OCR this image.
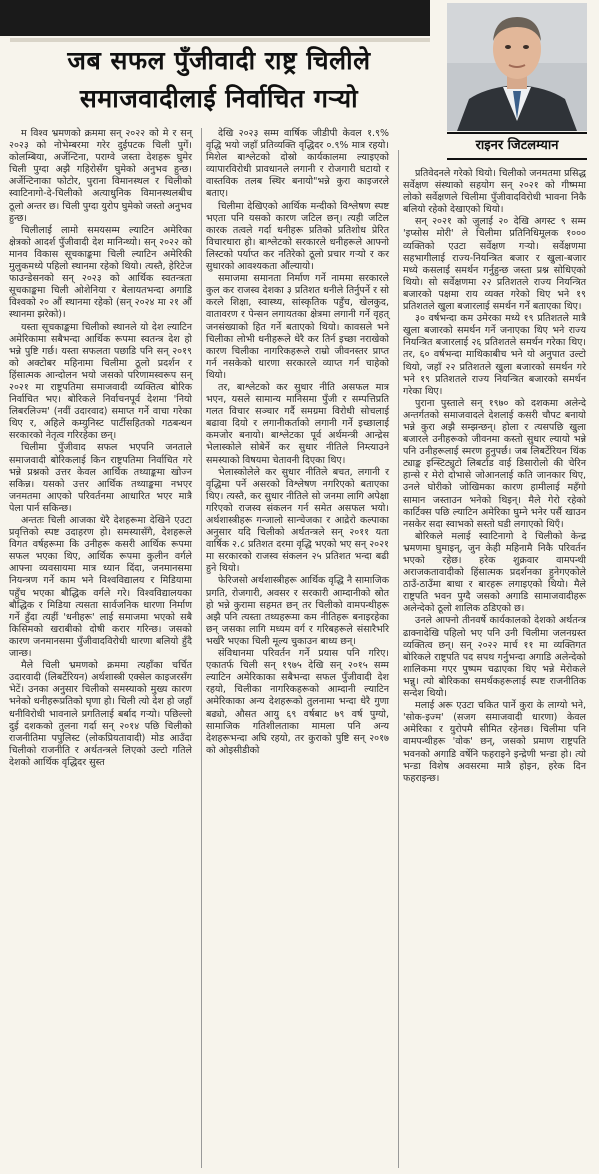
जब सफल पुँजीवादी राष्ट्र चिलीले
समाजवादीलाई निर्वाचित गऱ्यो
राइनर जिटलम्यान

म विश्व भ्रमणको क्रममा सन् २०२२ को मे र सन् २०२३ को नोभेम्बरमा गरेर दुईपटक चिली पुगें। कोलम्बिया, अर्जेन्टिना, पराग्वे जस्ता देशहरू घुमेर चिली पुग्दा अझै गहिरोसँग घुमेको अनुभव हुन्छ। अर्जेन्टिनाका फोटोर, पुराना विमानस्थल र चिलीको स्वाटिनागो-दे-चिलीको अत्याधुनिक विमानस्थलबीच ठूलो अन्तर छ। चिली पुग्दा युरोप घुमेको जस्तो अनुभव हुन्छ।

चिलीलाई लामो समयसम्म ल्याटिन अमेरिका क्षेत्रको आदर्श पुँजीवादी देश मानिन्थ्यो। सन् २०२२ को मानव विकास सूचकाङ्कमा चिली ल्याटिन अमेरिकी मुलुकमध्ये पहिलो स्थानमा रहेको थियो। त्यस्तै, हेरिटेज फाउन्डेसनको सन् २०२३ को आर्थिक स्वतन्त्रता सूचकाङ्कमा चिली ओशेनिया र बेलायतभन्दा अगाडि विश्वको २० औं स्थानमा रहेको (सन् २०२४ मा २१ औं स्थानमा झरेको)।

यस्ता सूचकाङ्कमा चिलीको स्थानले यो देश ल्याटिन अमेरिकामा सबैभन्दा आर्थिक रूपमा स्वतन्त्र देश हो भन्ने पुष्टि गर्छ। यस्ता सफलता पछाडि पनि सन् २०१९ को अक्टोबर महिनामा चिलीमा ठूलो प्रदर्शन र हिंसात्मक आन्दोलन भयो जसको परिणामस्वरूप सन् २०२१ मा राष्ट्रपतिमा समाजवादी व्यक्तित्व बोरिक निर्वाचित भए। बोरिकले निर्वाचनपूर्व देशमा 'नियो लिबरलिज्म' (नवीं उदारवाद) समाप्त गर्ने वाचा गरेका थिए र, अहिले कम्युनिस्ट पार्टीसहितको गठबन्धन सरकारको नेतृत्व गरिरहेका छन्।

चिलीमा पुँजीवाद सफल भएपनि जनताले समाजवादी बोरिकलाई किन राष्ट्रपतिमा निर्वाचित गरे भन्ने प्रश्नको उत्तर केवल आर्थिक तथ्याङ्कमा खोज्न सकिन्न। यसको उत्तर आर्थिक तथ्याङ्कमा नभएर जनमतमा आएको परिवर्तनमा आधारित भएर मात्रै पेला पार्न सकिन्छ।

अन्ततः चिली आजका धेरै देशहरूमा देखिने एउटा प्रवृत्तिको स्पष्ट उदाहरण हो। समस्यासँगै, देशहरूले विगत वर्षहरूमा कि उनीहरू कसरी आर्थिक रूपमा सफल भएका थिए, आर्थिक रूपमा कुलीन वर्गले आफ्ना व्यवसायमा मात्र ध्यान दिंदा, जनमानसमा नियन्त्रण गर्ने काम भने विश्वविद्यालय र मिडियामा पहुँच भएका बौद्धिक वर्गले गरे। विश्वविद्यालयका बौद्धिक र मिडिया त्यसता सार्वजनिक धारणा निर्माण गर्ने हुँदा त्यहीं 'धनीहरू' लाई समाजमा भएको सबै किसिमको खराबीको दोषी करार गरिन्छ। जसको कारण जनमानसमा पुँजीवादविरोधी धारणा बलियो हुँदै जान्छ।

मैले चिली भ्रमणको क्रममा त्यहाँका चर्चित उदारवादी (लिबर्टेरियन) अर्थशास्त्री एक्सेल काइजरसँग भेटें। उनका अनुसार चिलीको समस्याको मुख्य कारण भनेको धनीहरूप्रतिको घृणा हो। चिली त्यो देश हो जहाँ धनीविरोधी भावनाले प्रगतिलाई बर्बाद गऱ्यो। पछिल्लो दुई दशकको तुलना गर्दा सन् २०१४ पछि चिलीको राजनीतिमा पपुलिस्ट (लोकप्रियतावादी) मोड आउँदा चिलीको राजनीति र अर्थतन्त्रले लिएको उल्टो गतिले देशको आर्थिक वृद्धिदर सुस्त

देखि २०२३ सम्म वार्षिक जीडीपी केवल १.९% वृद्धि भयो जहाँ प्रतिव्यक्ति वृद्धिदर ०.९% मात्र रहयो। मिशेल बाश्लेटको दोस्रो कार्यकालमा ल्याइएको व्यापारविरोधी प्रावधानले लगानी र रोजगारी घटायो र वास्तविक तलब स्थिर बनायो"भन्ने कुरा काइजरले बताए।

चिलीमा देखिएको आर्थिक मन्दीको विश्लेषण स्पष्ट भएता पनि यसको कारण जटिल छन्। त्यही जटिल कारक तत्वले गर्दा धनीहरू प्रतिको प्रतिशोध प्रेरित विचारधारा हो। बाश्लेटको सरकारले धनीहरूले आफ्नो लिस्टको पर्याप्त कर नतिरेको ठूलो प्रचार गऱ्यो र कर सुधारको आवश्यकता औंल्यायो।

समाजमा समानता निर्माण गर्ने नाममा सरकारले कुल कर राजस्व देशका ३ प्रतिशत धनीले तिर्नुपर्ने र सो करले शिक्षा, स्वास्थ्य, सांस्कृतिक पहुँच, खेलकुद, वातावरण र पेन्सन लगायतका क्षेत्रमा लगानी गर्ने वृहत् जनसंख्याको हित गर्ने बताएको थियो। कावसले भने चिलीका लोभी धनीहरूले धेरै कर तिर्न इच्छा नराखेको कारण चिलीका नागरिकहरूले राम्रो जीवनस्तर प्राप्त गर्न नसकेको धारणा सरकारले व्याप्त गर्न चाहेको थियो।

तर, बाश्लेटको कर सुधार नीति असफल मात्र भएन, यसले सामान्य मानिसमा पुँजी र सम्पत्तिप्रति गलत विचार सञ्चार गर्दै समग्रमा विरोधी सोचलाई बढावा दियो र लगानीकर्ताको लगानी गर्ने इच्छालाई कमजोर बनायो। बाश्लेटका पूर्व अर्थमन्त्री आन्द्रेस भेलास्कोले सोबेर्ने कर सुधार नीतिले निम्त्याउने समस्याको विषयमा चेतावनी दिएका थिए।

भेलास्कोलेले कर सुधार नीतिले बचत, लगानी र वृद्धिमा पर्ने असरको विश्लेषण नगरिएको बताएका थिए। त्यस्तै, कर सुधार नीतिले सो जनमा लागि अपेक्षा गरिएको राजस्व संकलन गर्न समेत असफल भयो। अर्थशास्त्रीहरू गन्जालो सान्चेजका र आद्रेरो कल्पाका अनुसार यदि चिलीको अर्थतन्त्रले सन् २०११ यता वार्षिक २.८ प्रतिशत दरमा वृद्धि भएको भए सन् २०२१ मा सरकारको राजस्व संकलन २५ प्रतिशत भन्दा बढी हुने थियो।

फेरिजसो अर्थशास्त्रीहरू आर्थिक वृद्धि नै सामाजिक प्रगति, रोजगारी, अवसर र सरकारी आम्दानीको स्रोत हो भन्ने कुरामा सहमत छन् तर चिलीको वामपन्थीहरू अझै पनि त्यस्ता तथ्यहरूमा कम नीतिहरू बनाइरहेका छन् जसका लागि मध्यम वर्ग र गरिबहरूले संसारैभरि भर्खरै भएका चिली मूल्य चुकाउन बाध्य छन्।

संविधानमा परिवर्तन गर्ने प्रयास पनि गरिए। एकातर्फ चिली सन् १९७५ देखि सन् २०१५ सम्म ल्याटिन अमेरिकाका सबैभन्दा सफल पुँजीवादी देश रहयो, चिलीका नागरिकहरूको आम्दानी ल्याटिन अमेरिकाका अन्य देशहरूको तुलनामा भन्दा धेरै गुणा बढ्यो, औसत आयु ६९ वर्षबाट ७९ वर्ष पुग्यो, सामाजिक गतिशीलताका मामला पनि अन्य देशहरूभन्दा अघि रहयो, तर कुराको पुष्टि सन् २०१७ को ओइसीडीको

प्रतिवेदनले गरेको थियो। चिलीको जनमतमा प्रसिद्ध सर्वेक्षण संस्थाको सहयोग सन् २०२१ को गीष्ममा लोको सर्वेक्षणले चिलीमा पुँजीवादविरोधी भावना निकै बलियो रहेको देखाएको थियो।

सन् २०२१ को जुलाई २० देखि अगस्ट ९ सम्म 'इप्सोस मोरी' ले चिलीमा प्रतिनिधिमूलक १००० व्यक्तिको एउटा सर्वेक्षण गऱ्यो। सर्वेक्षणमा सहभागीलाई राज्य-नियन्त्रित बजार र खुला-बजार मध्ये कसलाई समर्थन गर्नुहुन्छ जस्ता प्रश्न सोधिएको थियो। सो सर्वेक्षणमा २२ प्रतिशतले राज्य नियन्त्रित बजारको पक्षमा राय व्यक्त गरेको थिए भने १९ प्रतिशतले खुला बजारलाई समर्थन गर्ने बताएका थिए।

३० वर्षभन्दा कम उमेरका मध्ये १९ प्रतिशतले मात्रै खुला बजारको समर्थन गर्ने जनाएका थिए भने राज्य नियन्त्रित बजारलाई २६ प्रतिशतले समर्थन गरेका थिए। तर, ६० वर्षभन्दा माथिकाबीच भने यो अनुपात उल्टो थियो, जहाँ २२ प्रतिशतले खुला बजारको समर्थन गरे भने १९ प्रतिशतले राज्य नियन्त्रित बजारको समर्थन गरेका थिए।

पुराना पुस्ताले सन् १९७० को दशकमा अलेन्दे अन्तर्गतको समाजवादले देशलाई कसरी चौपट बनायो भन्ने कुरा अझै सम्झन्छन्। होला र त्यसपछि खुला बजारले उनीहरूको जीवनमा कस्तो सुधार ल्यायो भन्ने पनि उनीहरूलाई स्मरण हुनुपर्छ। जब लिबर्टेरियन थिंक ट्याङ्क इन्स्टिट्युटो लिबर्टाड वाई डिसारोलो की चेरिन हान्से र मेरो दोभासे जोआनलाई कति जानकार थिए, उनले घोरीको जोखिमका कारण हामीलाई महँगो सामान जस्ताउन भनेको थिइन्। मैले गेरो रहेको कार्टिक्स पछि ल्याटिन अमेरिका घुम्ने भनेर पर्सै खाउन नसकेर सदा स्वाभको सस्तो घडी लगाएको थिएँ।

बोरिकले मलाई स्वाटिनागो दे चिलीको केन्द्र भ्रमणमा घुमाइन्, जुन केही महिनामै निकै परिवर्तन भएको रहेछ। हरेक शुक्रवार वामपन्थी अराजकतावादीको हिंसात्मक प्रदर्शनका हुनेगएकोले ठाउँ-ठाउँमा बाधा र बारहरू लगाइएको थियो। मैले राष्ट्रपति भवन पुग्दै जसको अगाडि सामाजवादीहरू अलेन्देको ठूलो शालिक ठडिएको छ।

उनले आफ्नो तीनवर्षे कार्यकालको देशको अर्थतन्त्र ढाक्नादेखि पहिलो भए पनि उनी चिलीमा जलनग्रस्त व्यक्तित्व छन्। सन् २०२२ मार्च ११ मा व्यक्तिगत बोरिकले राष्ट्रपति पद सपथ गर्नुभन्दा अगाडि अलेन्देको शालिकमा गएर पुष्पम चढाएका थिए भन्ने मेरोकले भन्नु। त्यो बोरिकका समर्थकहरूलाई स्पष्ट राजनीतिक सन्देश थियो।

मलाई अरू एउटा चकित पार्ने कुरा के लाग्यो भने, 'सोक-इज्म' (सजग समाजवादी धारणा) केवल अमेरिका र युरोपमै सीमित रहेनछ। चिलीमा पनि वामपन्थीहरू 'वोक' छन्, जसको प्रमाण राष्ट्रपति भवनको अगाडि वर्षेनि फहराइने इन्द्रेणी भन्डा हो। त्यो भन्डा विशेष अवसरमा मात्रै होइन, हरेक दिन फहराइन्छ।
